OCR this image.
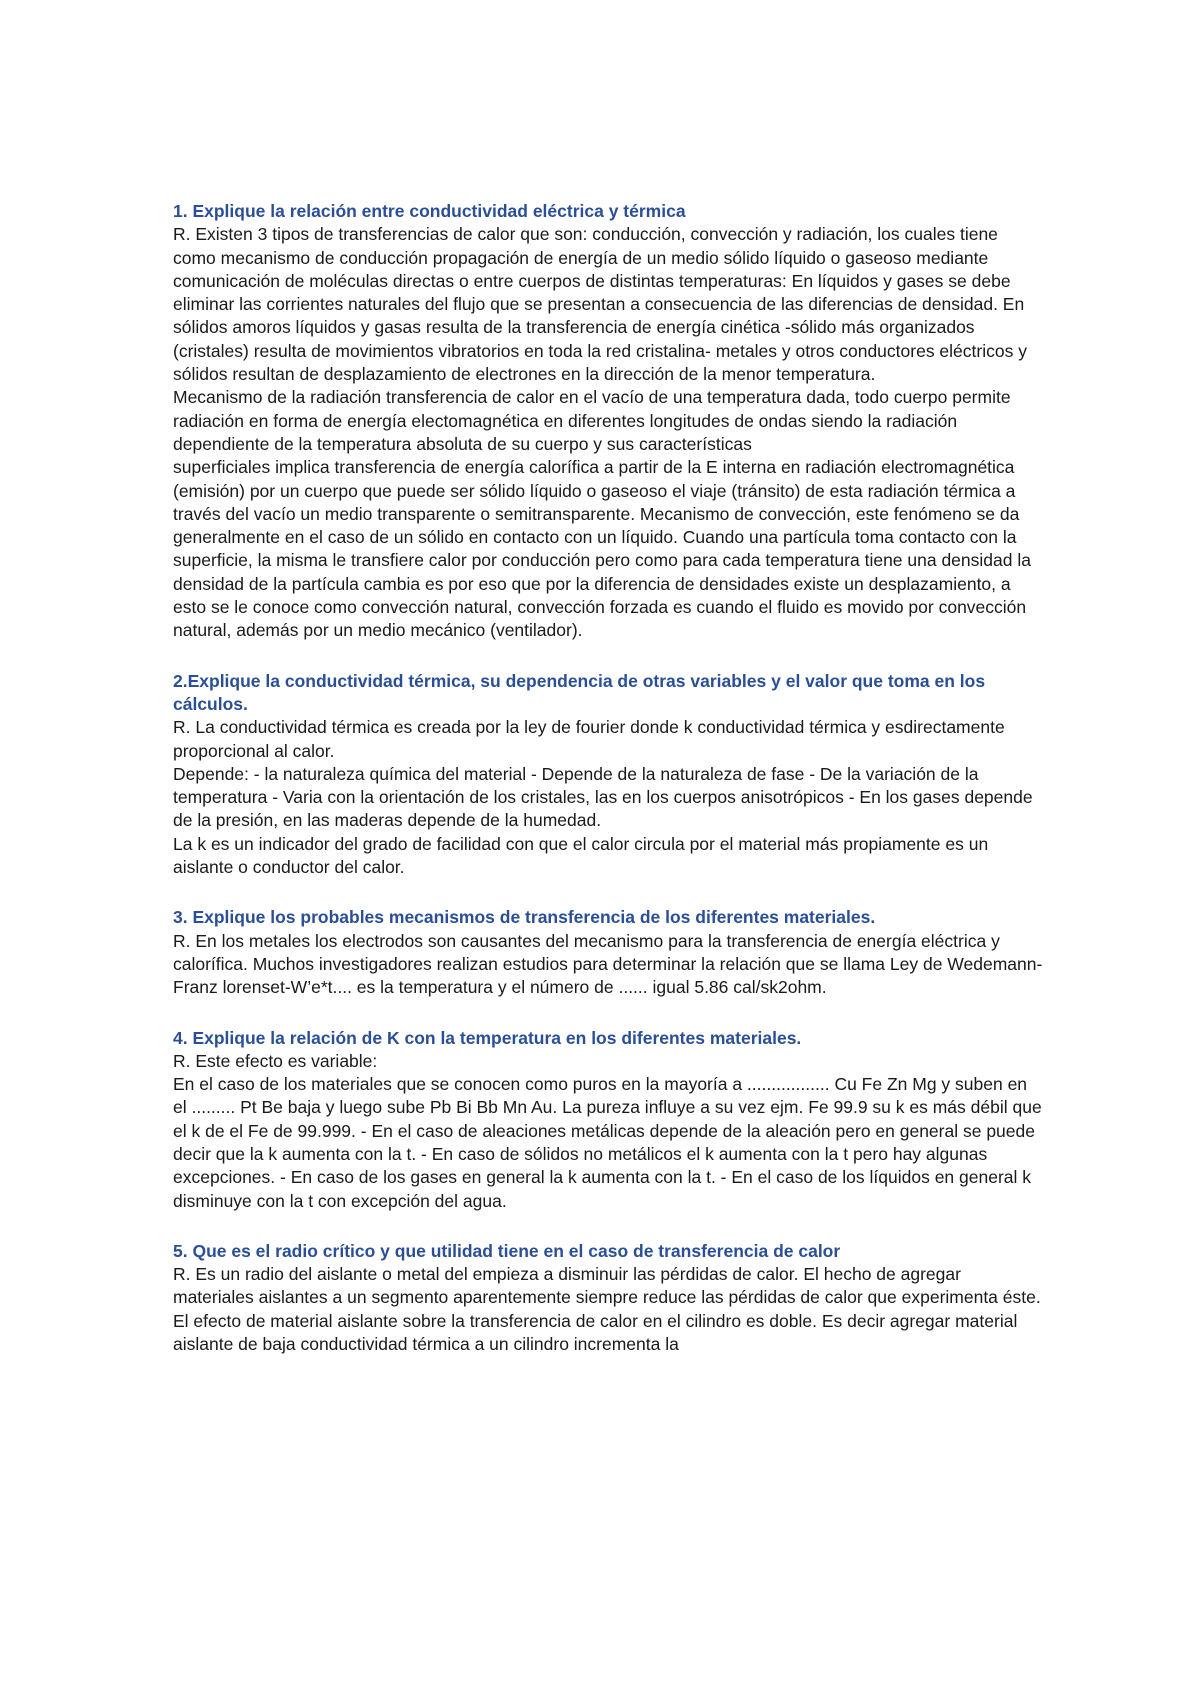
1. Explique la relación entre conductividad eléctrica y térmica

R. Existen 3 tipos de transferencias de calor que son: conducción, convección y radiación, los cuales tiene como mecanismo de conducción propagación de energía de un medio sólido líquido o gaseoso mediante comunicación de moléculas directas o entre cuerpos de distintas temperaturas: En líquidos y gases se debe eliminar las corrientes naturales del flujo que se presentan a consecuencia de las diferencias de densidad. En sólidos amoros líquidos y gasas resulta de la transferencia de energía cinética -sólido más organizados (cristales) resulta de movimientos vibratorios en toda la red cristalina- metales y otros conductores eléctricos y sólidos resultan de desplazamiento de electrones en la dirección de la menor temperatura.

Mecanismo de la radiación transferencia de calor en el vacío de una temperatura dada, todo cuerpo permite radiación en forma de energía electomagnética en diferentes longitudes de ondas siendo la radiación dependiente de la temperatura absoluta de su cuerpo y sus características

superficiales implica transferencia de energía calorífica a partir de la E interna en radiación electromagnética (emisión) por un cuerpo que puede ser sólido líquido o gaseoso el viaje (tránsito) de esta radiación térmica a través del vacío un medio transparente o semitransparente. Mecanismo de convección, este fenómeno se da generalmente en el caso de un sólido en contacto con un líquido. Cuando una partícula toma contacto con la superficie, la misma le transfiere calor por conducción pero como para cada temperatura tiene una densidad la densidad de la partícula cambia es por eso que por la diferencia de densidades existe un desplazamiento, a esto se le conoce como convección natural, convección forzada es cuando el fluido es movido por convección natural, además por un medio mecánico (ventilador).

2.Explique la conductividad térmica, su dependencia de otras variables y el valor que toma en los cálculos.

R. La conductividad térmica es creada por la ley de fourier donde k conductividad térmica y esdirectamente proporcional al calor.

Depende: - la naturaleza química del material - Depende de la naturaleza de fase - De la variación de la temperatura - Varia con la orientación de los cristales, las en los cuerpos anisotrópicos - En los gases depende de la presión, en las maderas depende de la humedad.

La k es un indicador del grado de facilidad con que el calor circula por el material más propiamente es un aislante o conductor del calor.

3. Explique los probables mecanismos de transferencia de los diferentes materiales.

R. En los metales los electrodos son causantes del mecanismo para la transferencia de energía eléctrica y calorífica. Muchos investigadores realizan estudios para determinar la relación que se llama Ley de Wedemann-Franz lorenset-W’e*t.... es la temperatura y el número de ...... igual 5.86 cal/sk2ohm.

4. Explique la relación de K con la temperatura en los diferentes materiales.

R. Este efecto es variable:

En el caso de los materiales que se conocen como puros en la mayoría a ................. Cu Fe Zn Mg y suben en el ......... Pt Be baja y luego sube Pb Bi Bb Mn Au. La pureza influye a su vez ejm. Fe 99.9 su k es más débil que el k de el Fe de 99.999. - En el caso de aleaciones metálicas depende de la aleación pero en general se puede decir que la k aumenta con la t. - En caso de sólidos no metálicos el k aumenta con la t pero hay algunas excepciones. - En caso de los gases en general la k aumenta con la t. - En el caso de los líquidos en general k disminuye con la t con excepción del agua.

5. Que es el radio crítico y que utilidad tiene en el caso de transferencia de calor

R. Es un radio del aislante o metal del empieza a disminuir las pérdidas de calor. El hecho de agregar materiales aislantes a un segmento aparentemente siempre reduce las pérdidas de calor que experimenta éste. El efecto de material aislante sobre la transferencia de calor en el cilindro es doble. Es decir agregar material aislante de baja conductividad térmica a un cilindro incrementa la
